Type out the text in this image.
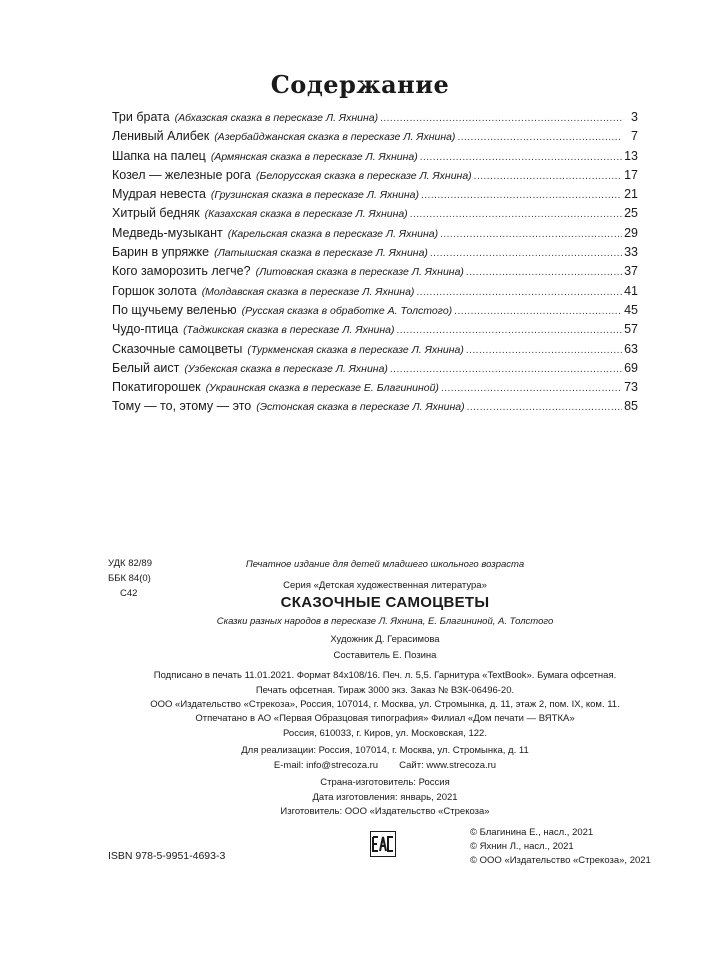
Содержание
Три брата (Абхазская сказка в пересказе Л. Яхнина) .....	3
Ленивый Алибек (Азербайджанская сказка в пересказе Л. Яхнина) .....	7
Шапка на палец (Армянская сказка в пересказе Л. Яхнина) .....	13
Козел — железные рога (Белорусская сказка в пересказе Л. Яхнина) .....	17
Мудрая невеста (Грузинская сказка в пересказе Л. Яхнина) .....	21
Хитрый бедняк (Казахская сказка в пересказе Л. Яхнина) .....	25
Медведь-музыкант (Карельская сказка в пересказе Л. Яхнина) .....	29
Барин в упряжке (Латышская сказка в пересказе Л. Яхнина) .....	33
Кого заморозить легче? (Литовская сказка в пересказе Л. Яхнина) .....	37
Горшок золота (Молдавская сказка в пересказе Л. Яхнина) .....	41
По щучьему веленью (Русская сказка в обработке А. Толстого) .....	45
Чудо-птица (Таджикская сказка в пересказе Л. Яхнина) .....	57
Сказочные самоцветы (Туркменская сказка в пересказе Л. Яхнина) .....	63
Белый аист (Узбекская сказка в пересказе Л. Яхнина) .....	69
Покатигорошек (Украинская сказка в пересказе Е. Благининой) .....	73
Тому — то, этому — это (Эстонская сказка в пересказе Л. Яхнина) .....	85
УДК 82/89
ББК 84(0)
С42
Печатное издание для детей младшего школьного возраста
Серия «Детская художественная литература»
СКАЗОЧНЫЕ САМОЦВЕТЫ
Сказки разных народов в пересказе Л. Яхнина, Е. Благининой, А. Толстого
Художник Д. Герасимова
Составитель Е. Позина
Подписано в печать 11.01.2021. Формат 84х108/16. Печ. л. 5,5. Гарнитура «TextBook». Бумага офсетная.
Печать офсетная. Тираж 3000 экз. Заказ № ВЗК-06496-20.
ООО «Издательство «Стрекоза», Россия, 107014, г. Москва, ул. Стромынка, д. 11, этаж 2, пом. IX, ком. 11.
Отпечатано в АО «Первая Образцовая типография» Филиал «Дом печати — ВЯТКА»
Россия, 610033, г. Киров, ул. Московская, 122.
Для реализации: Россия, 107014, г. Москва, ул. Стромынка, д. 11
E-mail: info@strecoza.ru        Сайт: www.strecoza.ru
Страна-изготовитель: Россия
Дата изготовления: январь, 2021
Изготовитель: ООО «Издательство «Стрекоза»
ISBN 978-5-9951-4693-3
© Благинина Е., насл., 2021
© Яхнин Л., насл., 2021
© ООО «Издательство «Стрекоза», 2021
